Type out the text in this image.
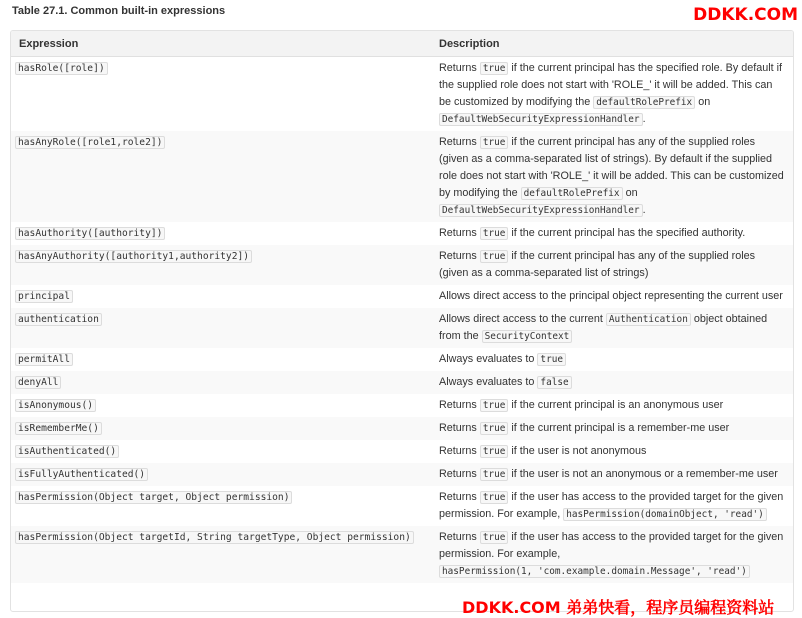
Table 27.1. Common built-in expressions	DDKK.COM
Expression	Description
hasRole([role])	Returns true if the current principal has the specified role. By default if the supplied role does not start with 'ROLE_' it will be added. This can be customized by modifying the defaultRolePrefix on DefaultWebSecurityExpressionHandler .
hasAnyRole([role1,role2])	Returns true if the current principal has any of the supplied roles (given as a comma-separated list of strings). By default if the supplied role does not start with 'ROLE_' it will be added. This can be customized by modifying the defaultRolePrefix on DefaultWebSecurityExpressionHandler .
hasAuthority([authority])	Returns true if the current principal has the specified authority.
hasAnyAuthority([authority1,authority2])	Returns true if the current principal has any of the supplied roles (given as a comma-separated list of strings)
principal	Allows direct access to the principal object representing the current user
authentication	Allows direct access to the current Authentication object obtained from the SecurityContext
permitAll	Always evaluates to true
denyAll	Always evaluates to false
isAnonymous()	Returns true if the current principal is an anonymous user
isRememberMe()	Returns true if the current principal is a remember-me user
isAuthenticated()	Returns true if the user is not anonymous
isFullyAuthenticated()	Returns true if the user is not an anonymous or a remember-me user
hasPermission(Object target, Object permission)	Returns true if the user has access to the provided target for the given permission. For example, hasPermission(domainObject, 'read')
hasPermission(Object targetId, String targetType, Object permission)	Returns true if the user has access to the provided target for the given permission. For example, hasPermission(1, 'com.example.domain.Message', 'read')
DDKK.COM 弟弟快看，程序员编程资料站
